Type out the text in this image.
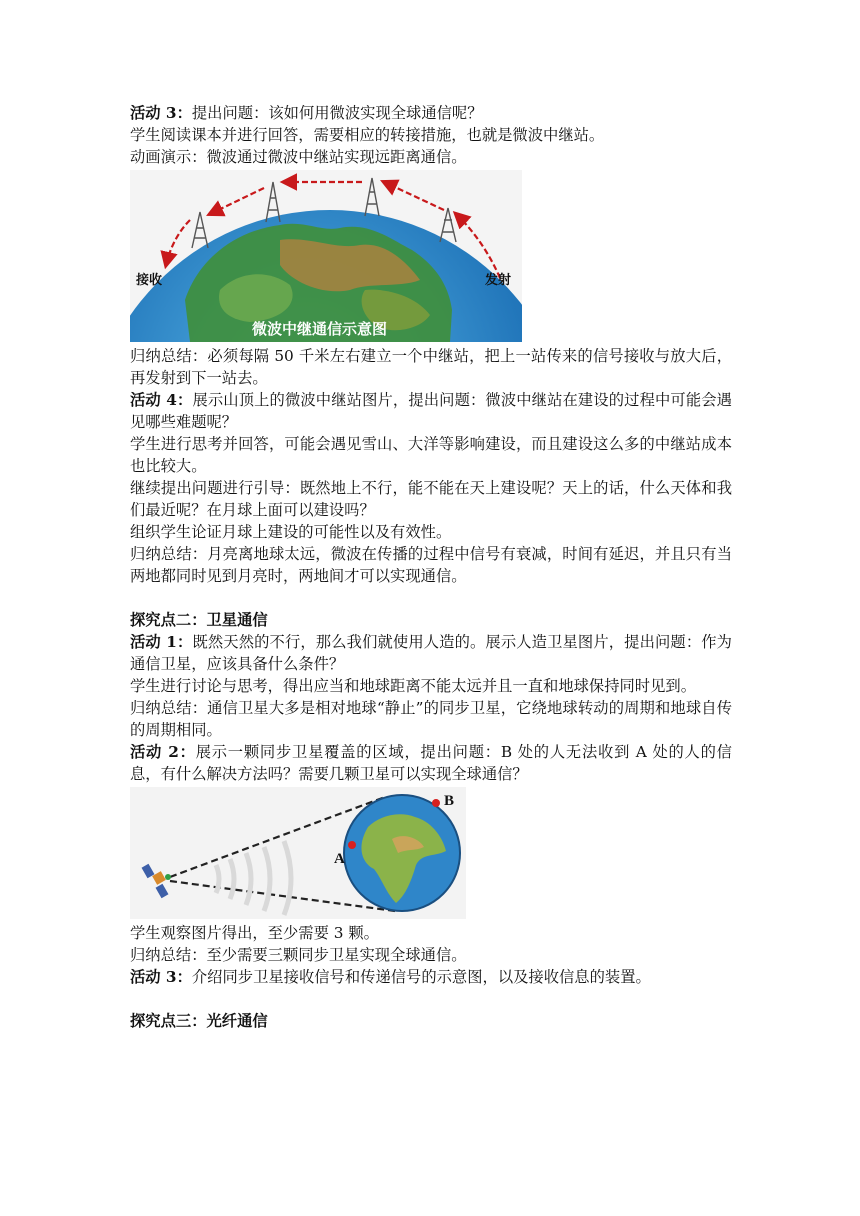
活动 3：提出问题：该如何用微波实现全球通信呢？

学生阅读课本并进行回答，需要相应的转接措施，也就是微波中继站。

动画演示：微波通过微波中继站实现远距离通信。

接收	发射
微波中继通信示意图

归纳总结：必须每隔 50 千米左右建立一个中继站，把上一站传来的信号接收与放大后，再发射到下一站去。

活动 4：展示山顶上的微波中继站图片，提出问题：微波中继站在建设的过程中可能会遇见哪些难题呢？

学生进行思考并回答，可能会遇见雪山、大洋等影响建设，而且建设这么多的中继站成本也比较大。

继续提出问题进行引导：既然地上不行，能不能在天上建设呢？天上的话，什么天体和我们最近呢？在月球上面可以建设吗？

组织学生论证月球上建设的可能性以及有效性。

归纳总结：月亮离地球太远，微波在传播的过程中信号有衰减，时间有延迟，并且只有当两地都同时见到月亮时，两地间才可以实现通信。

探究点二：卫星通信

活动 1：既然天然的不行，那么我们就使用人造的。展示人造卫星图片，提出问题：作为通信卫星，应该具备什么条件？

学生进行讨论与思考，得出应当和地球距离不能太远并且一直和地球保持同时见到。

归纳总结：通信卫星大多是相对地球“静止”的同步卫星，它绕地球转动的周期和地球自传的周期相同。

活动 2：展示一颗同步卫星覆盖的区域，提出问题：B 处的人无法收到 A 处的人的信息，有什么解决方法吗？需要几颗卫星可以实现全球通信？

B
A

学生观察图片得出，至少需要 3 颗。

归纳总结：至少需要三颗同步卫星实现全球通信。

活动 3：介绍同步卫星接收信号和传递信号的示意图，以及接收信息的装置。

探究点三：光纤通信
